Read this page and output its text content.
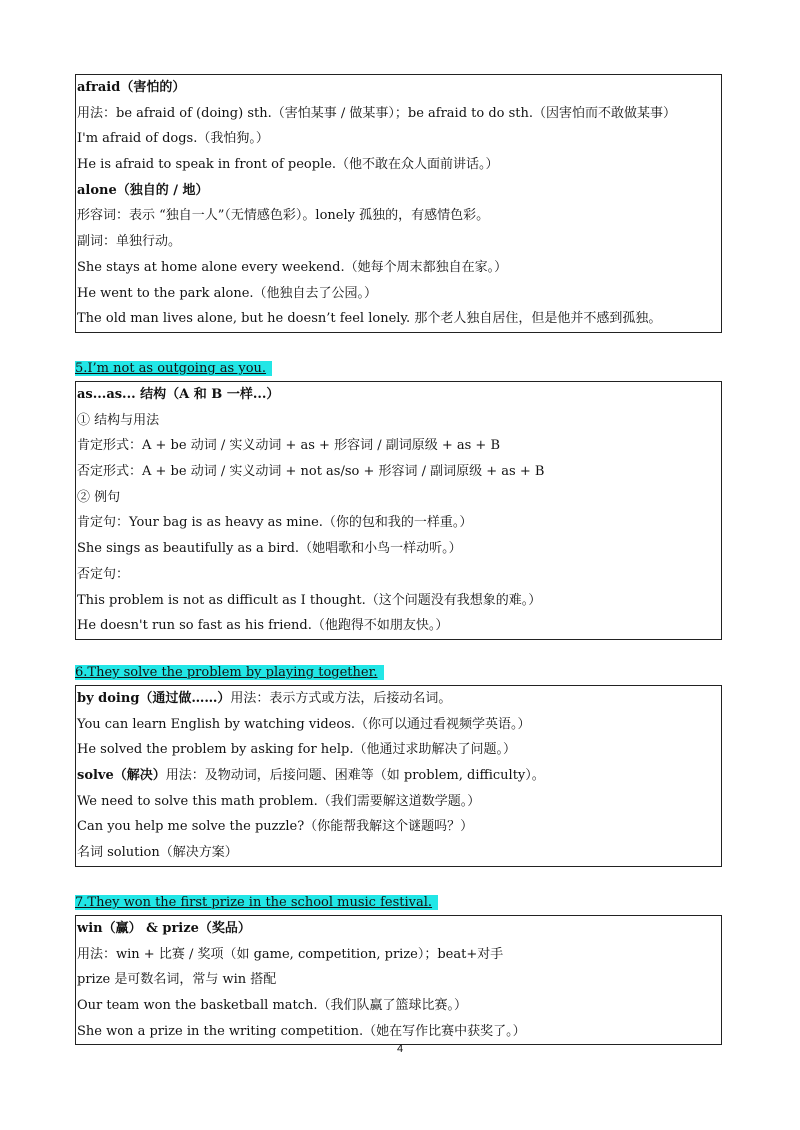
afraid（害怕的）
用法：be afraid of (doing) sth.（害怕某事 / 做某事）；be afraid to do sth.（因害怕而不敢做某事）
I'm afraid of dogs.（我怕狗。）
He is afraid to speak in front of people.（他不敢在众人面前讲话。）
alone（独自的 / 地）
形容词：表示 “独自一人”（无情感色彩）。lonely 孤独的，有感情色彩。
副词：单独行动。
She stays at home alone every weekend.（她每个周末都独自在家。）
He went to the park alone.（他独自去了公园。）
The old man lives alone, but he doesn’t feel lonely. 那个老人独自居住，但是他并不感到孤独。
5.I’m not as outgoing as you.
as...as... 结构（A 和 B 一样...）
① 结构与用法
肯定形式：A + be 动词 / 实义动词 + as + 形容词 / 副词原级 + as + B
否定形式：A + be 动词 / 实义动词 + not as/so + 形容词 / 副词原级 + as + B
② 例句
肯定句：Your bag is as heavy as mine.（你的包和我的一样重。）
She sings as beautifully as a bird.（她唱歌和小鸟一样动听。）
否定句：
This problem is not as difficult as I thought.（这个问题没有我想象的难。）
He doesn't run so fast as his friend.（他跑得不如朋友快。）
6.They solve the problem by playing together.
by doing（通过做……）用法：表示方式或方法，后接动名词。
You can learn English by watching videos.（你可以通过看视频学英语。）
He solved the problem by asking for help.（他通过求助解决了问题。）
solve（解决）用法：及物动词，后接问题、困难等（如 problem, difficulty）。
We need to solve this math problem.（我们需要解这道数学题。）
Can you help me solve the puzzle?（你能帮我解这个谜题吗？）
名词 solution（解决方案）
7.They won the first prize in the school music festival.
win（赢） & prize（奖品）
用法：win + 比赛 / 奖项（如 game, competition, prize）；beat+对手
prize 是可数名词，常与 win 搭配
Our team won the basketball match.（我们队赢了篮球比赛。）
She won a prize in the writing competition.（她在写作比赛中获奖了。）
4
